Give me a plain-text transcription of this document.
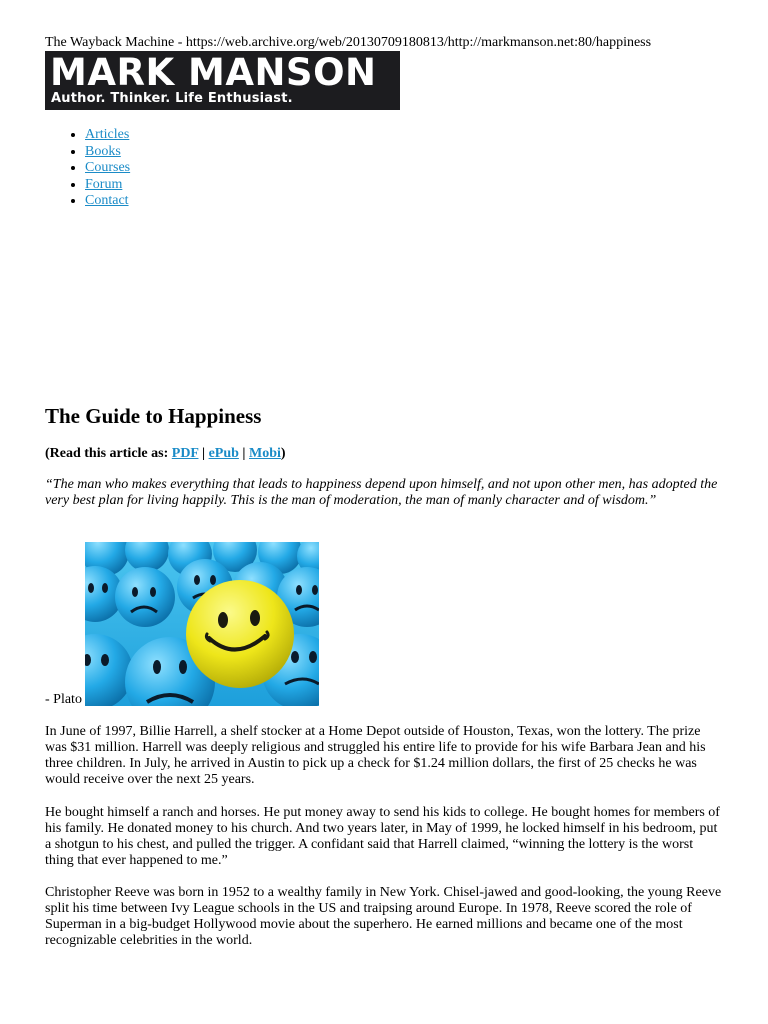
The Wayback Machine - https://web.archive.org/web/20130709180813/http://markmanson.net:80/happiness
MARK MANSON
Author. Thinker. Life Enthusiast.
• Articles
• Books
• Courses
• Forum
• Contact
The Guide to Happiness
(Read this article as: PDF | ePub | Mobi)

“The man who makes everything that leads to happiness depend upon himself, and not upon other men, has adopted the very best plan for living happily. This is the man of moderation, the man of manly character and of wisdom.”

- Plato

In June of 1997, Billie Harrell, a shelf stocker at a Home Depot outside of Houston, Texas, won the lottery. The prize was $31 million. Harrell was deeply religious and struggled his entire life to provide for his wife Barbara Jean and his three children. In July, he arrived in Austin to pick up a check for $1.24 million dollars, the first of 25 checks he was would receive over the next 25 years.

He bought himself a ranch and horses. He put money away to send his kids to college. He bought homes for members of his family. He donated money to his church. And two years later, in May of 1999, he locked himself in his bedroom, put a shotgun to his chest, and pulled the trigger. A confidant said that Harrell claimed, “winning the lottery is the worst thing that ever happened to me.”

Christopher Reeve was born in 1952 to a wealthy family in New York. Chisel-jawed and good-looking, the young Reeve split his time between Ivy League schools in the US and traipsing around Europe. In 1978, Reeve scored the role of Superman in a big-budget Hollywood movie about the superhero. He earned millions and became one of the most recognizable celebrities in the world.
